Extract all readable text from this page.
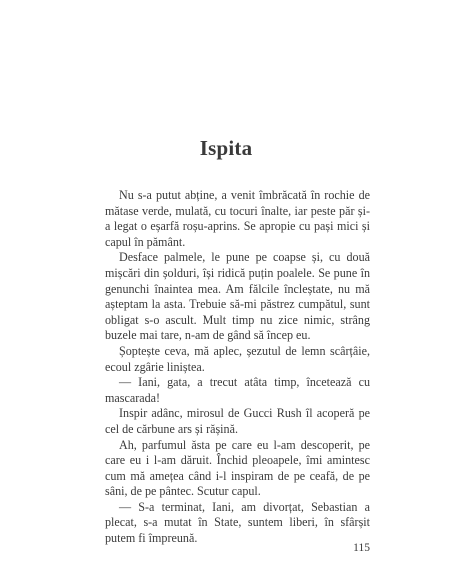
Ispita

Nu s-a putut abține, a venit îmbrăcată în rochie de mătase verde, mulată, cu tocuri înalte, iar peste păr și-a legat o eșarfă roșu-aprins. Se apropie cu pași mici și capul în pământ.

Desface palmele, le pune pe coapse și, cu două mișcări din șolduri, își ridică puțin poalele. Se pune în genunchi înaintea mea. Am fălcile încleștate, nu mă așteptam la asta. Trebuie să-mi păstrez cumpătul, sunt obligat s-o ascult. Mult timp nu zice nimic, strâng buzele mai tare, n-am de gând să încep eu.

Șoptește ceva, mă aplec, șezutul de lemn scârțâie, ecoul zgârie liniștea.

— Iani, gata, a trecut atâta timp, încetează cu mascarada!

Inspir adânc, mirosul de Gucci Rush îl acoperă pe cel de cărbune ars și rășină.

Ah, parfumul ăsta pe care eu l-am descoperit, pe care eu i l-am dăruit. Închid pleoapele, îmi amintesc cum mă amețea când i-l inspiram de pe ceafă, de pe sâni, de pe pântec. Scutur capul.

— S-a terminat, Iani, am divorțat, Sebastian a plecat, s-a mutat în State, suntem liberi, în sfârșit putem fi împreună.

115
